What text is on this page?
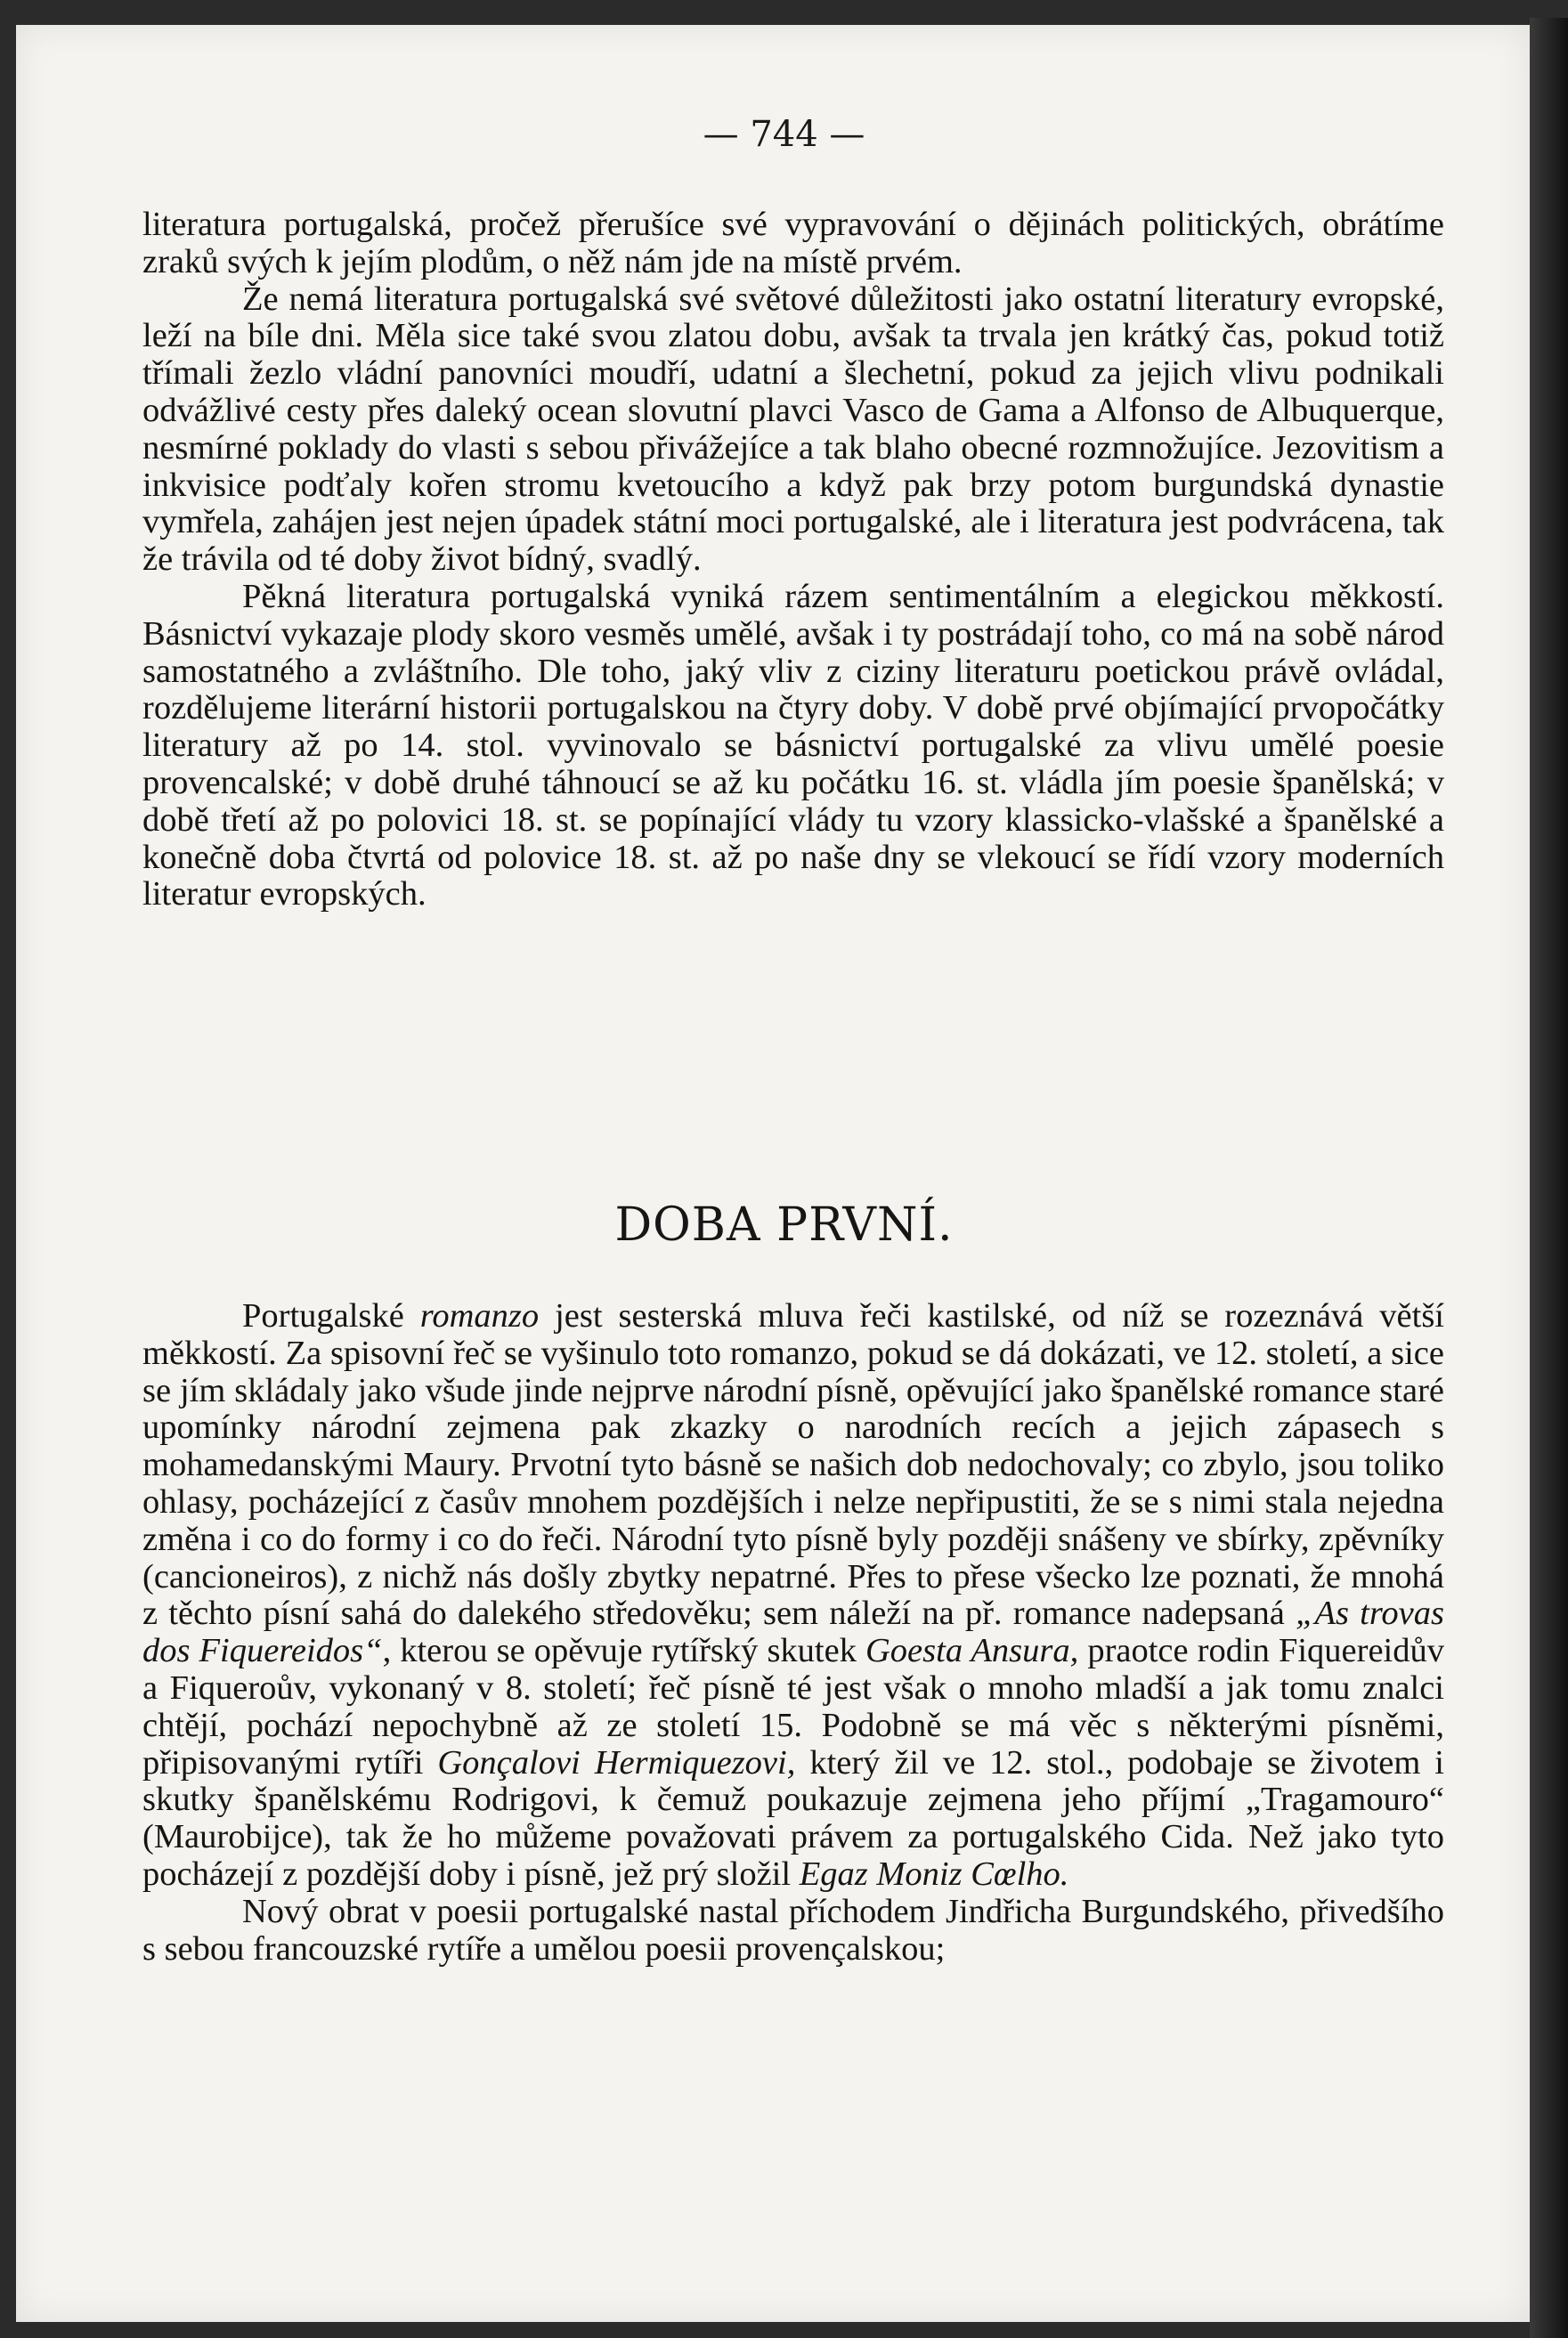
— 744 —

literatura portugalská, pročež přerušíce své vypravování o dějinách politických, obrátíme zraků svých k jejím plodům, o něž nám jde na místě prvém.

Že nemá literatura portugalská své světové důležitosti jako ostatní literatury evropské, leží na bíle dni. Měla sice také svou zlatou dobu, avšak ta trvala jen krátký čas, pokud totiž třímali žezlo vládní panovníci moudří, udatní a šlechetní, pokud za jejich vlivu podnikali odvážlivé cesty přes daleký ocean slovutní plavci Vasco de Gama a Alfonso de Albuquerque, nesmírné poklady do vlasti s sebou přivážejíce a tak blaho obecné rozmnožujíce. Jezovitism a inkvisice podťaly kořen stromu kvetoucího a když pak brzy potom burgundská dynastie vymřela, zahájen jest nejen úpadek státní moci portugalské, ale i literatura jest podvrácena, tak že trávila od té doby život bídný, svadlý.

Pěkná literatura portugalská vyniká rázem sentimentálním a elegickou měkkostí. Básnictví vykazaje plody skoro vesměs umělé, avšak i ty postrádají toho, co má na sobě národ samostatného a zvláštního. Dle toho, jaký vliv z ciziny literaturu poetickou právě ovládal, rozdělujeme literární historii portugalskou na čtyry doby. V době prvé objímající prvopočátky literatury až po 14. stol. vyvinovalo se básnictví portugalské za vlivu umělé poesie provencalské; v době druhé táhnoucí se až ku počátku 16. st. vládla jím poesie španělská; v době třetí až po polovici 18. st. se popínající vlády tu vzory klassicko-vlašské a španělské a konečně doba čtvrtá od polovice 18. st. až po naše dny se vlekoucí se řídí vzory moderních literatur evropských.

DOBA PRVNÍ.

Portugalské romanzo jest sesterská mluva řeči kastilské, od níž se rozeznává větší měkkostí. Za spisovní řeč se vyšinulo toto romanzo, pokud se dá dokázati, ve 12. století, a sice se jím skládaly jako všude jinde nejprve národní písně, opěvující jako španělské romance staré upomínky národní zejmena pak zkazky o narodních recích a jejich zápasech s mohamedanskými Maury. Prvotní tyto básně se našich dob nedochovaly; co zbylo, jsou toliko ohlasy, pocházející z časův mnohem pozdějších i nelze nepřipustiti, že se s nimi stala nejedna změna i co do formy i co do řeči. Národní tyto písně byly později snášeny ve sbírky, zpěvníky (cancioneiros), z nichž nás došly zbytky nepatrné. Přes to přese všecko lze poznati, že mnohá z těchto písní sahá do dalekého středověku; sem náleží na př. romance nadepsaná „As trovas dos Fiquereidos“, kterou se opěvuje rytířský skutek Goesta Ansura, praotce rodin Fiquereidův a Fiqueroův, vykonaný v 8. století; řeč písně té jest však o mnoho mladší a jak tomu znalci chtějí, pochází nepochybně až ze století 15. Podobně se má věc s některými písněmi, připisovanými rytíři Gonçalovi Hermiquezovi, který žil ve 12. stol., podobaje se životem i skutky španělskému Rodrigovi, k čemuž poukazuje zejmena jeho příjmí „Tragamouro“ (Maurobijce), tak že ho můžeme považovati právem za portugalského Cida. Než jako tyto pocházejí z pozdější doby i písně, jež prý složil Egaz Moniz Cœlho.

Nový obrat v poesii portugalské nastal příchodem Jindřicha Burgundského, přivedšího s sebou francouzské rytíře a umělou poesii provençalskou;
